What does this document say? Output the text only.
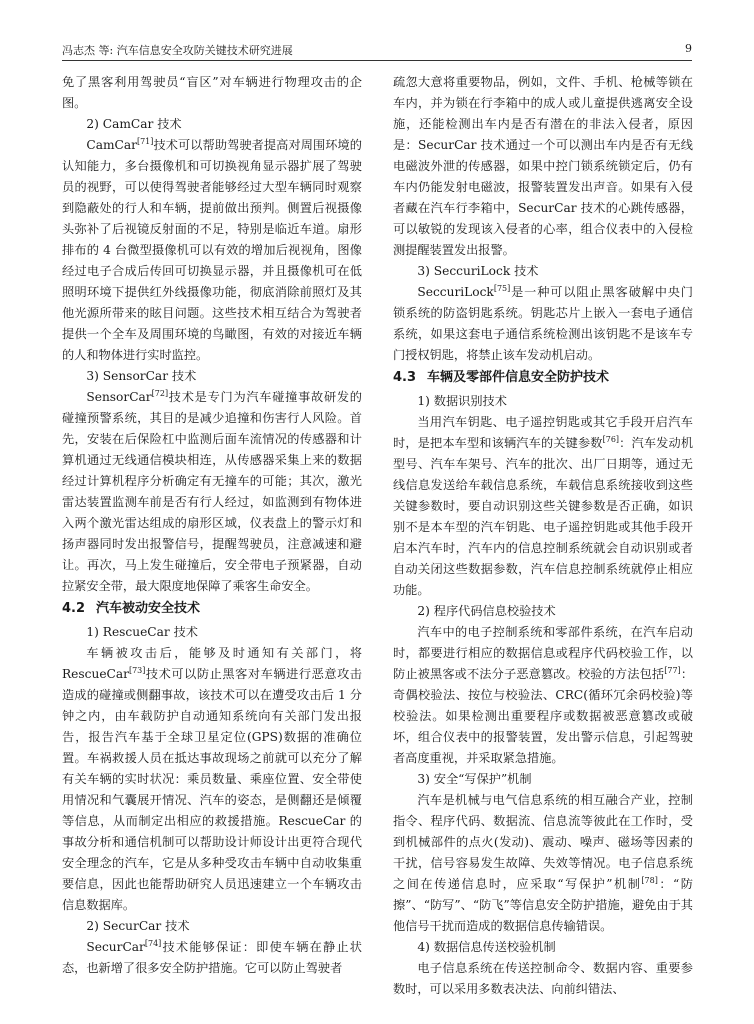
冯志杰 等: 汽车信息安全攻防关键技术研究进展	9

免了黑客利用驾驶员“盲区”对车辆进行物理攻击的企图。

2) CamCar 技术

CamCar[71]技术可以帮助驾驶者提高对周围环境的认知能力，多台摄像机和可切换视角显示器扩展了驾驶员的视野，可以使得驾驶者能够经过大型车辆同时观察到隐蔽处的行人和车辆，提前做出预判。侧置后视摄像头弥补了后视镜反射面的不足，特别是临近车道。扇形排布的 4 台微型摄像机可以有效的增加后视视角，图像经过电子合成后传回可切换显示器，并且摄像机可在低照明环境下提供红外线摄像功能，彻底消除前照灯及其他光源所带来的眩目问题。这些技术相互结合为驾驶者提供一个全车及周围环境的鸟瞰图，有效的对接近车辆的人和物体进行实时监控。

3) SensorCar 技术

SensorCar[72]技术是专门为汽车碰撞事故研发的碰撞预警系统，其目的是减少追撞和伤害行人风险。首先，安装在后保险杠中监测后面车流情况的传感器和计算机通过无线通信模块相连，从传感器采集上来的数据经过计算机程序分析确定有无撞车的可能；其次，激光雷达装置监测车前是否有行人经过，如监测到有物体进入两个激光雷达组成的扇形区域，仪表盘上的警示灯和扬声器同时发出报警信号，提醒驾驶员，注意减速和避让。再次，马上发生碰撞后，安全带电子预紧器，自动拉紧安全带，最大限度地保障了乘客生命安全。

4.2 汽车被动安全技术

1) RescueCar 技术

车辆被攻击后，能够及时通知有关部门，将RescueCar[73]技术可以防止黑客对车辆进行恶意攻击造成的碰撞或侧翻事故，该技术可以在遭受攻击后 1 分钟之内，由车载防护自动通知系统向有关部门发出报告，报告汽车基于全球卫星定位(GPS)数据的准确位置。车祸救援人员在抵达事故现场之前就可以充分了解有关车辆的实时状况：乘员数量、乘座位置、安全带使用情况和气囊展开情况、汽车的姿态，是侧翻还是倾覆等信息，从而制定出相应的救援措施。RescueCar 的事故分析和通信机制可以帮助设计师设计出更符合现代安全理念的汽车，它是从多种受攻击车辆中自动收集重要信息，因此也能帮助研究人员迅速建立一个车辆攻击信息数据库。

2) SecurCar 技术

SecurCar[74]技术能够保证：即使车辆在静止状态，也新增了很多安全防护措施。它可以防止驾驶者

疏忽大意将重要物品，例如，文件、手机、枪械等锁在车内，并为锁在行李箱中的成人或儿童提供逃离安全设施，还能检测出车内是否有潜在的非法入侵者，原因是：SecurCar 技术通过一个可以测出车内是否有无线电磁波外泄的传感器，如果中控门锁系统锁定后，仍有车内仍能发射电磁波，报警装置发出声音。如果有入侵者藏在汽车行李箱中，SecurCar 技术的心跳传感器，可以敏锐的发现该入侵者的心率，组合仪表中的入侵检测提醒装置发出报警。

3) SeccuriLock 技术

SeccuriLock[75]是一种可以阻止黑客破解中央门锁系统的防盗钥匙系统。钥匙芯片上嵌入一套电子通信系统，如果这套电子通信系统检测出该钥匙不是该车专门授权钥匙，将禁止该车发动机启动。

4.3 车辆及零部件信息安全防护技术

1) 数据识别技术

当用汽车钥匙、电子遥控钥匙或其它手段开启汽车时，是把本车型和该辆汽车的关键参数[76]：汽车发动机型号、汽车车架号、汽车的批次、出厂日期等，通过无线信息发送给车载信息系统，车载信息系统接收到这些关键参数时，要自动识别这些关键参数是否正确，如识别不是本车型的汽车钥匙、电子遥控钥匙或其他手段开启本汽车时，汽车内的信息控制系统就会自动识别或者自动关闭这些数据参数，汽车信息控制系统就停止相应功能。

2) 程序代码信息校验技术

汽车中的电子控制系统和零部件系统，在汽车启动时，都要进行相应的数据信息或程序代码校验工作，以防止被黑客或不法分子恶意篡改。校验的方法包括[77]：奇偶校验法、按位与校验法、CRC(循环冗余码校验)等校验法。如果检测出重要程序或数据被恶意篡改或破坏，组合仪表中的报警装置，发出警示信息，引起驾驶者高度重视，并采取紧急措施。

3) 安全“写保护”机制

汽车是机械与电气信息系统的相互融合产业，控制指令、程序代码、数据流、信息流等彼此在工作时，受到机械部件的点火(发动)、震动、噪声、磁场等因素的干扰，信号容易发生故障、失效等情况。电子信息系统之间在传递信息时，应采取“写保护”机制[78]：“防擦”、“防写”、“防飞”等信息安全防护措施，避免由于其他信号干扰而造成的数据信息传输错误。

4) 数据信息传送校验机制

电子信息系统在传送控制命令、数据内容、重要参数时，可以采用多数表决法、向前纠错法、
